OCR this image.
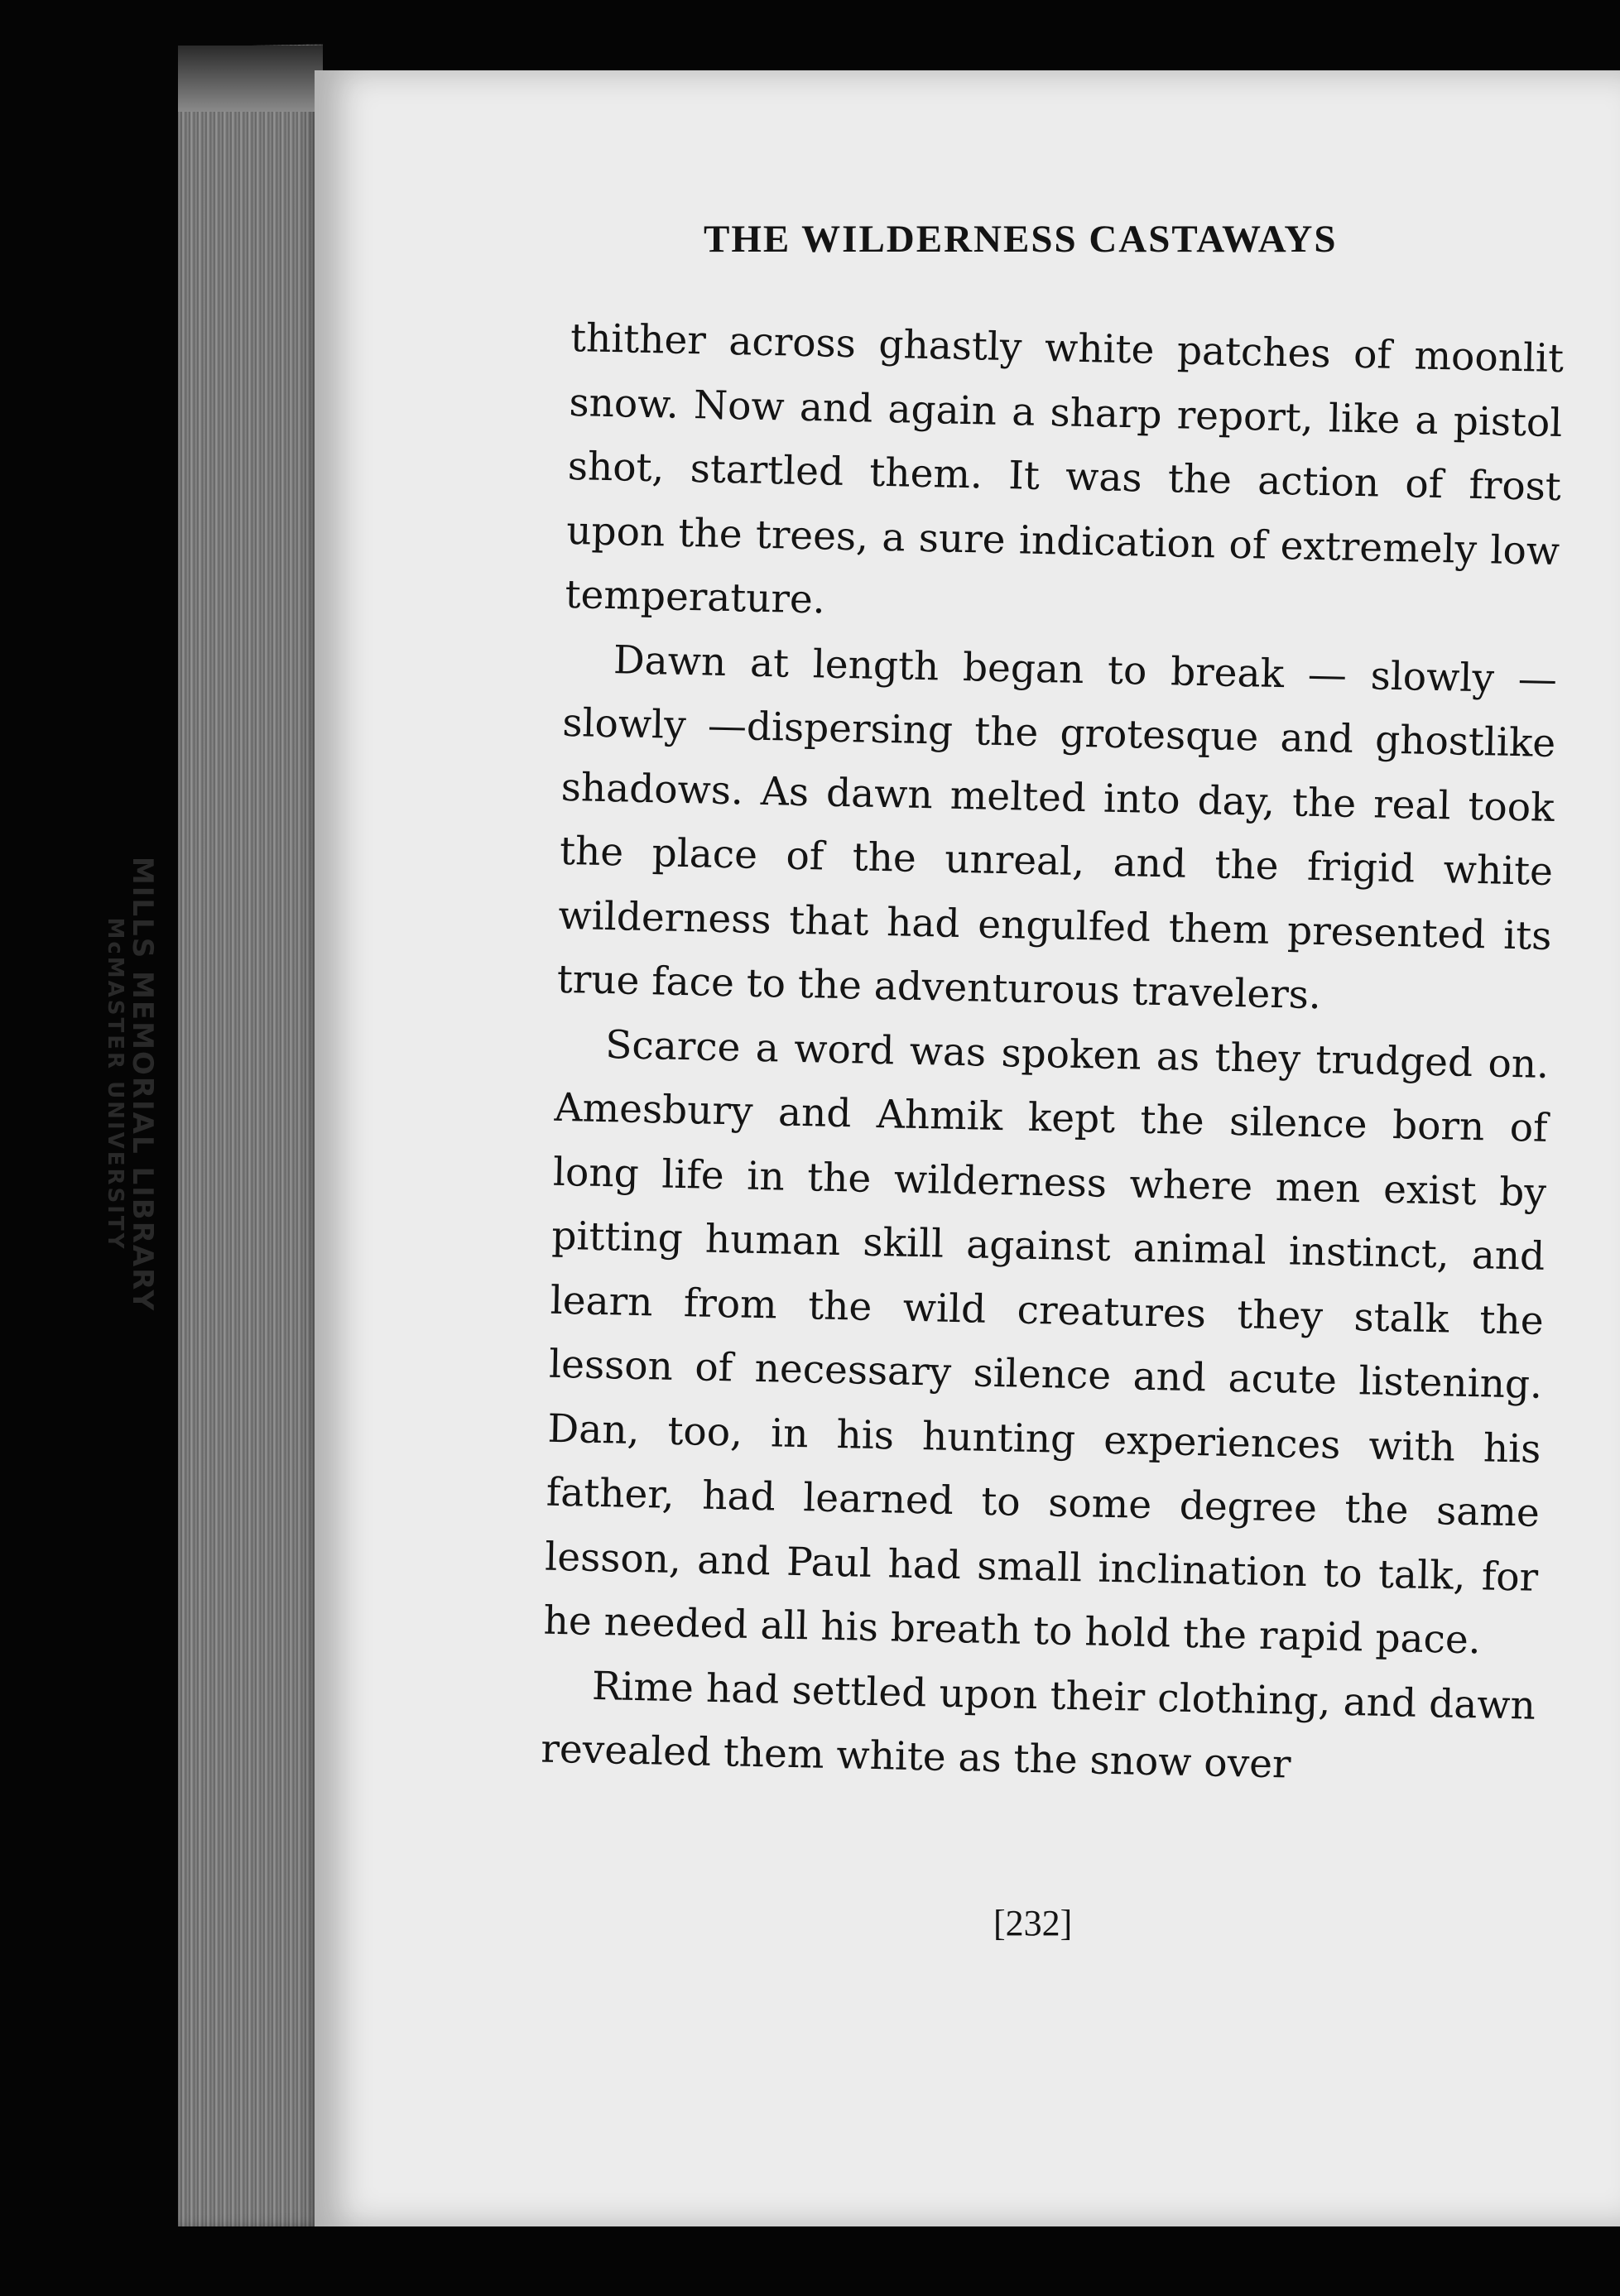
MILLS MEMORIAL LIBRARY
McMASTER UNIVERSITY
THE WILDERNESS CASTAWAYS

thither across ghastly white patches of moonlit snow. Now and again a sharp report, like a pistol shot, startled them. It was the action of frost upon the trees, a sure indication of extremely low temperature.

Dawn at length began to break — slowly — slowly —dispersing the grotesque and ghostlike shadows. As dawn melted into day, the real took the place of the unreal, and the frigid white wilderness that had engulfed them presented its true face to the adventurous travelers.

Scarce a word was spoken as they trudged on. Amesbury and Ahmik kept the silence born of long life in the wilderness where men exist by pitting human skill against animal instinct, and learn from the wild creatures they stalk the lesson of necessary silence and acute listening. Dan, too, in his hunting experiences with his father, had learned to some degree the same lesson, and Paul had small inclination to talk, for he needed all his breath to hold the rapid pace.

Rime had settled upon their clothing, and dawn revealed them white as the snow over

[232]
